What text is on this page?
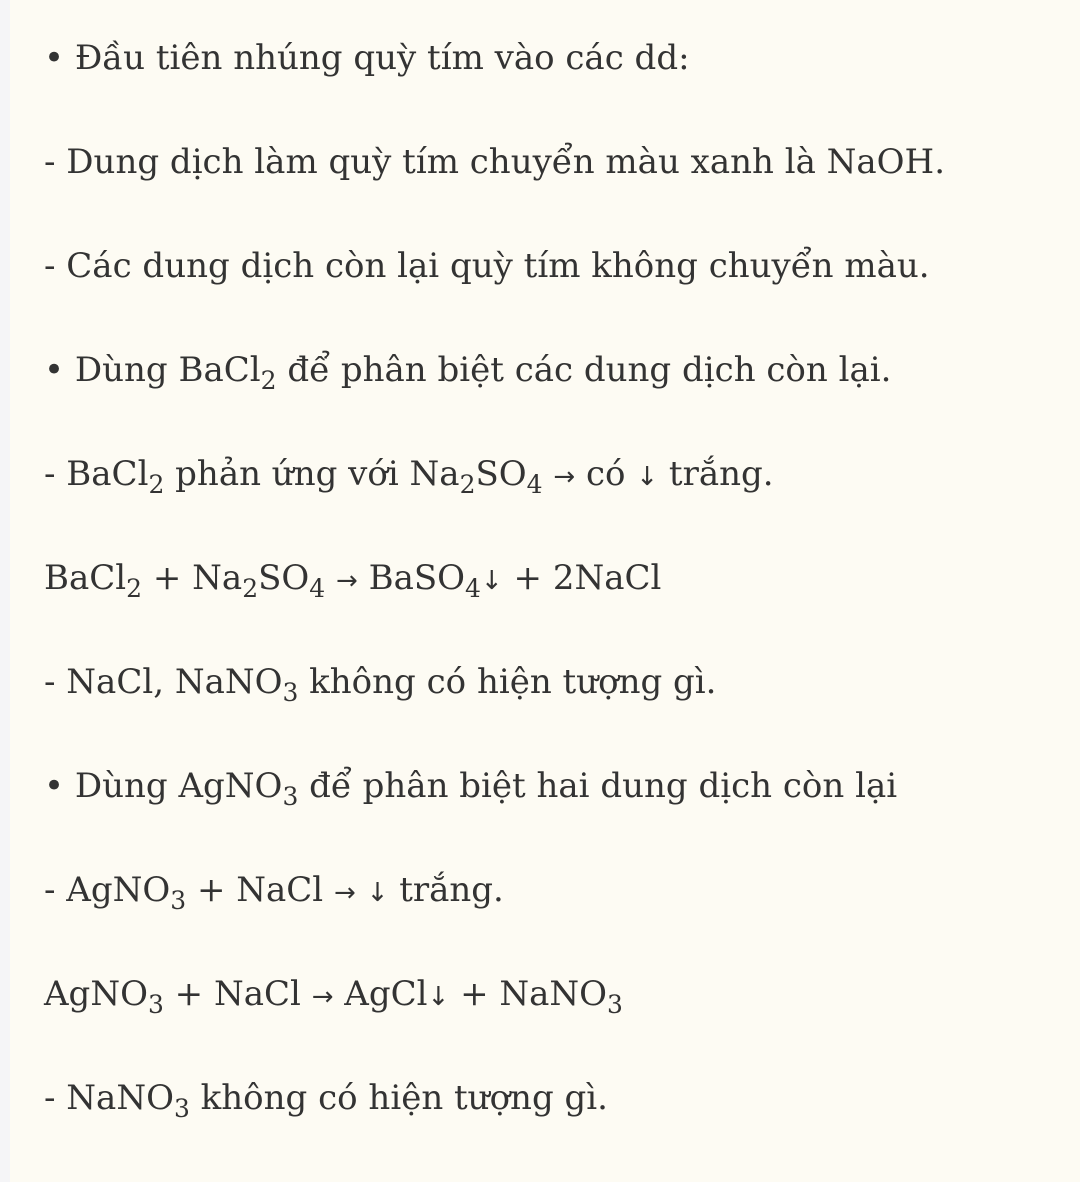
• Đầu tiên nhúng quỳ tím vào các dd:
- Dung dịch làm quỳ tím chuyển màu xanh là NaOH.
- Các dung dịch còn lại quỳ tím không chuyển màu.
• Dùng BaCl$_2$ để phân biệt các dung dịch còn lại.
- BaCl$_2$ phản ứng với $Na_2SO_4$ → có ↓ trắng.
BaCl$_2$ + $Na_2SO_4$ → BaSO$_4$↓ + 2NaCl
- NaCl, NaNO$_3$ không có hiện tượng gì.
• Dùng AgNO$_3$ để phân biệt hai dung dịch còn lại
- AgNO$_3$ + NaCl → ↓ trắng.
AgNO$_3$ + NaCl → AgCl↓ + NaNO$_3$
- NaNO$_3$ không có hiện tượng gì.
